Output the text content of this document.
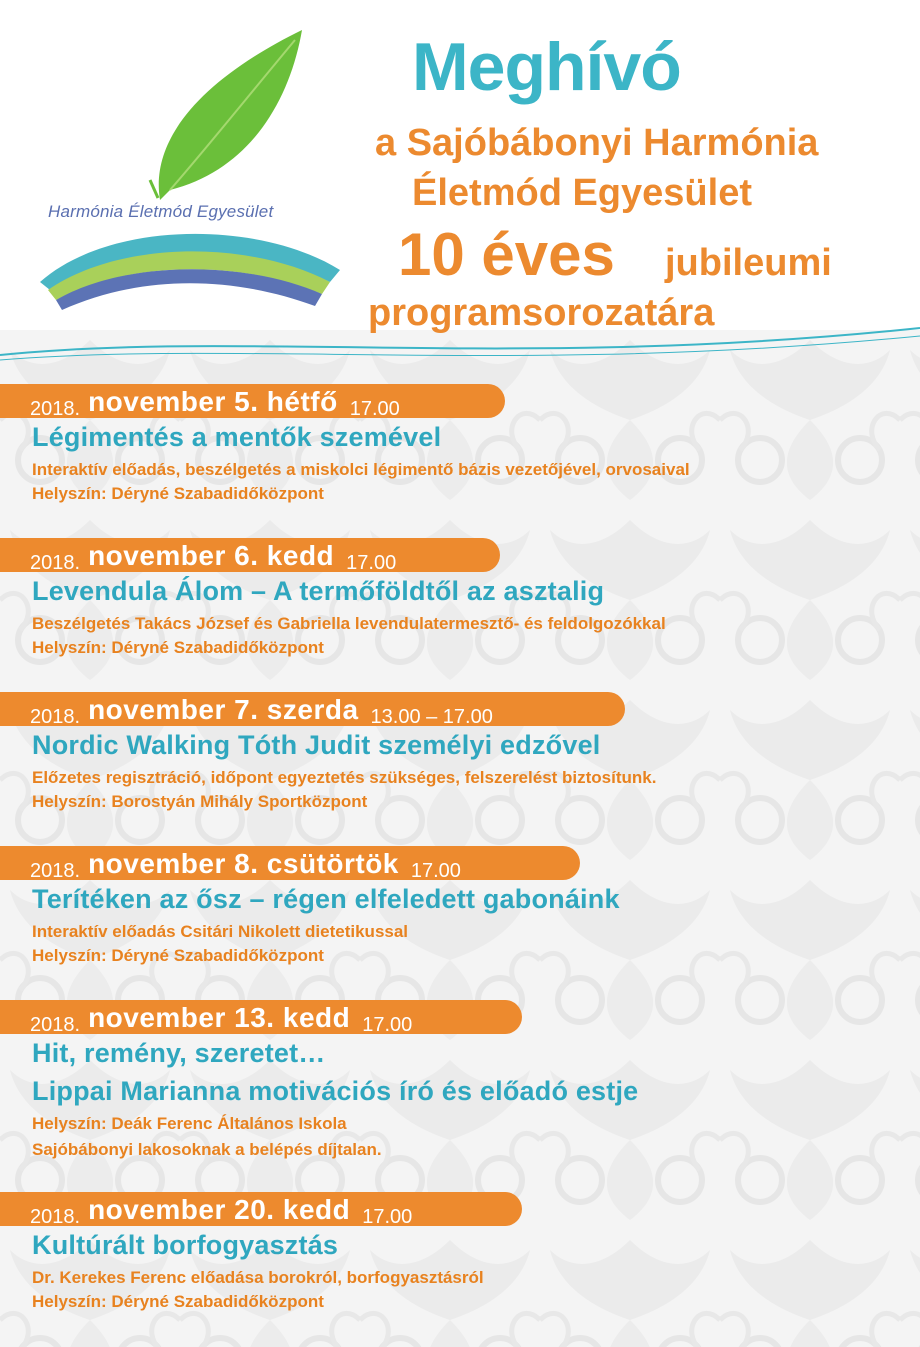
Harmónia Életmód Egyesület
Meghívó
a Sajóbábonyi Harmónia
Életmód Egyesület
10 éves jubileumi
programsorozatára
2018. november 5. hétfő 17.00
Légimentés a mentők szemével
Interaktív előadás, beszélgetés a miskolci légimentő bázis vezetőjével, orvosaival
Helyszín: Déryné Szabadidőközpont
2018. november 6. kedd 17.00
Levendula Álom – A termőföldtől az asztalig
Beszélgetés Takács József és Gabriella levendulatermesztő- és feldolgozókkal
Helyszín: Déryné Szabadidőközpont
2018. november 7. szerda 13.00 – 17.00
Nordic Walking Tóth Judit személyi edzővel
Előzetes regisztráció, időpont egyeztetés szükséges, felszerelést biztosítunk.
Helyszín: Borostyán Mihály Sportközpont
2018. november 8. csütörtök 17.00
Terítéken az ősz – régen elfeledett gabonáink
Interaktív előadás Csitári Nikolett dietetikussal
Helyszín: Déryné Szabadidőközpont
2018. november 13. kedd 17.00
Hit, remény, szeretet…
Lippai Marianna motivációs író és előadó estje
Helyszín: Deák Ferenc Általános Iskola
Sajóbábonyi lakosoknak a belépés díjtalan.
2018. november 20. kedd 17.00
Kultúrált borfogyasztás
Dr. Kerekes Ferenc előadása borokról, borfogyasztásról
Helyszín: Déryné Szabadidőközpont
